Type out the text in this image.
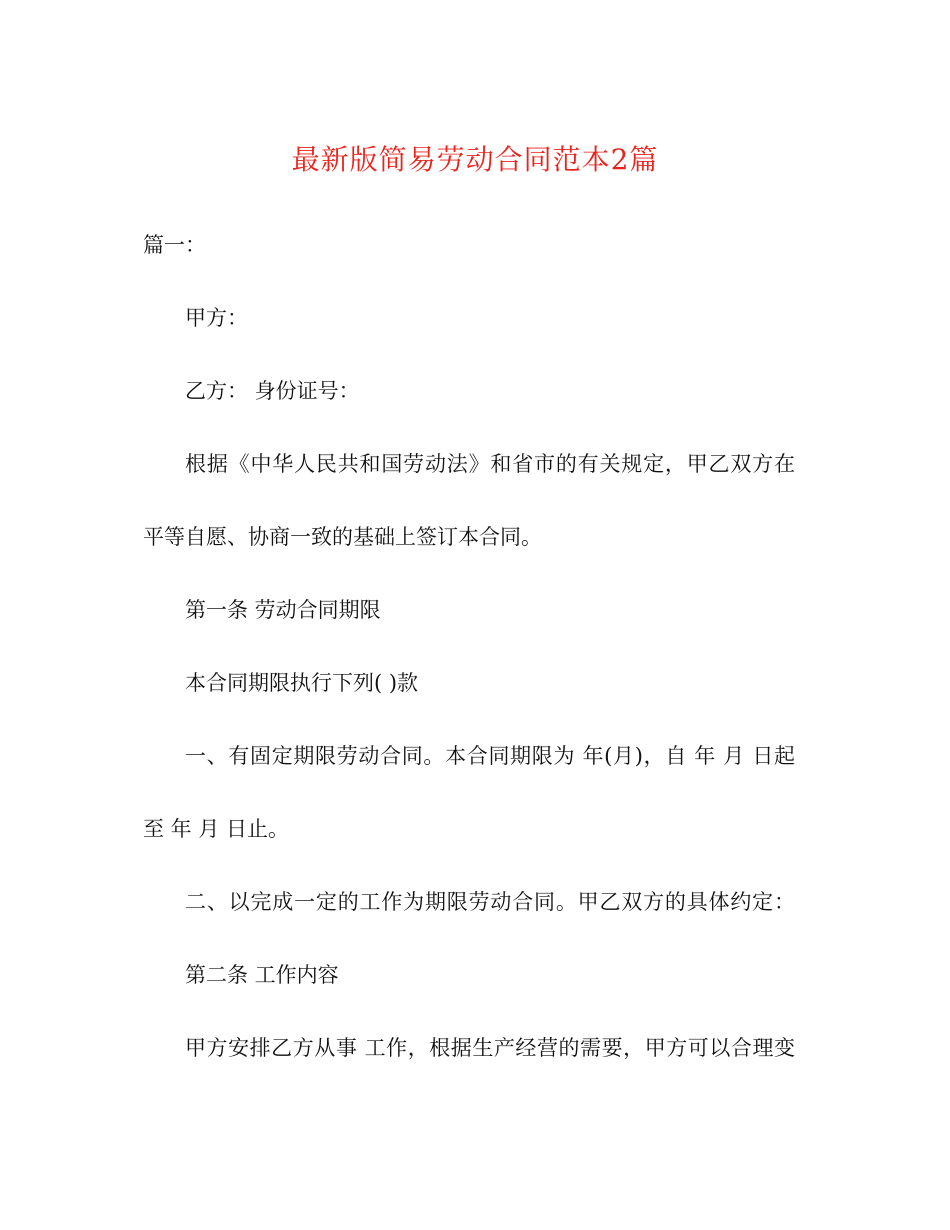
最新版简易劳动合同范本2篇
篇一：
甲方：
乙方： 身份证号：
根据《中华人民共和国劳动法》和省市的有关规定，甲乙双方在
平等自愿、协商一致的基础上签订本合同。
第一条 劳动合同期限
本合同期限执行下列( )款
一、有固定期限劳动合同。本合同期限为 年(月)，自 年 月 日起
至 年 月 日止。
二、以完成一定的工作为期限劳动合同。甲乙双方的具体约定：
第二条 工作内容
甲方安排乙方从事 工作，根据生产经营的需要，甲方可以合理变
